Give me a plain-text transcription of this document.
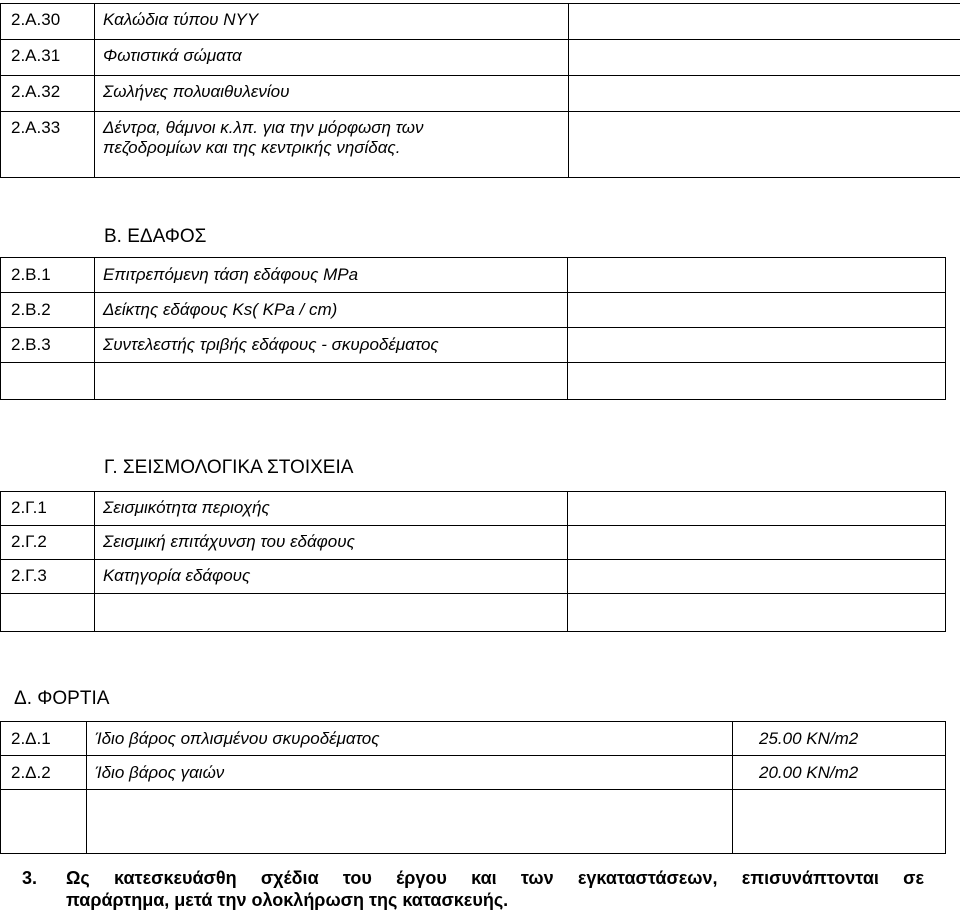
2.A.30	Καλώδια τύπου ΝΥΥ	
2.A.31	Φωτιστικά σώματα	
2.A.32	Σωλήνες πολυαιθυλενίου	
2.A.33	Δέντρα, θάμνοι κ.λπ. για την μόρφωση των πεζοδρομίων και της κεντρικής νησίδας.	
Β. ΕΔΑΦΟΣ
2.B.1	Επιτρεπόμενη τάση εδάφους MPa	
2.B.2	Δείκτης εδάφους Ks( KPa / cm)	
2.B.3	Συντελεστής τριβής εδάφους - σκυροδέματος	

Γ. ΣΕΙΣΜΟΛΟΓΙΚΑ ΣΤΟΙΧΕΙΑ
2.Γ.1	Σεισμικότητα περιοχής	
2.Γ.2	Σεισμική επιτάχυνση του εδάφους	
2.Γ.3	Κατηγορία εδάφους	

Δ. ΦΟΡΤΙΑ
2.Δ.1	Ίδιο βάρος οπλισμένου σκυροδέματος	25.00 KN/m2
2.Δ.2	Ίδιο βάρος γαιών	20.00 KN/m2

3. Ως κατεσκευάσθη σχέδια του έργου και των εγκαταστάσεων, επισυνάπτονται σε
παράρτημα, μετά την ολοκλήρωση της κατασκευής.
